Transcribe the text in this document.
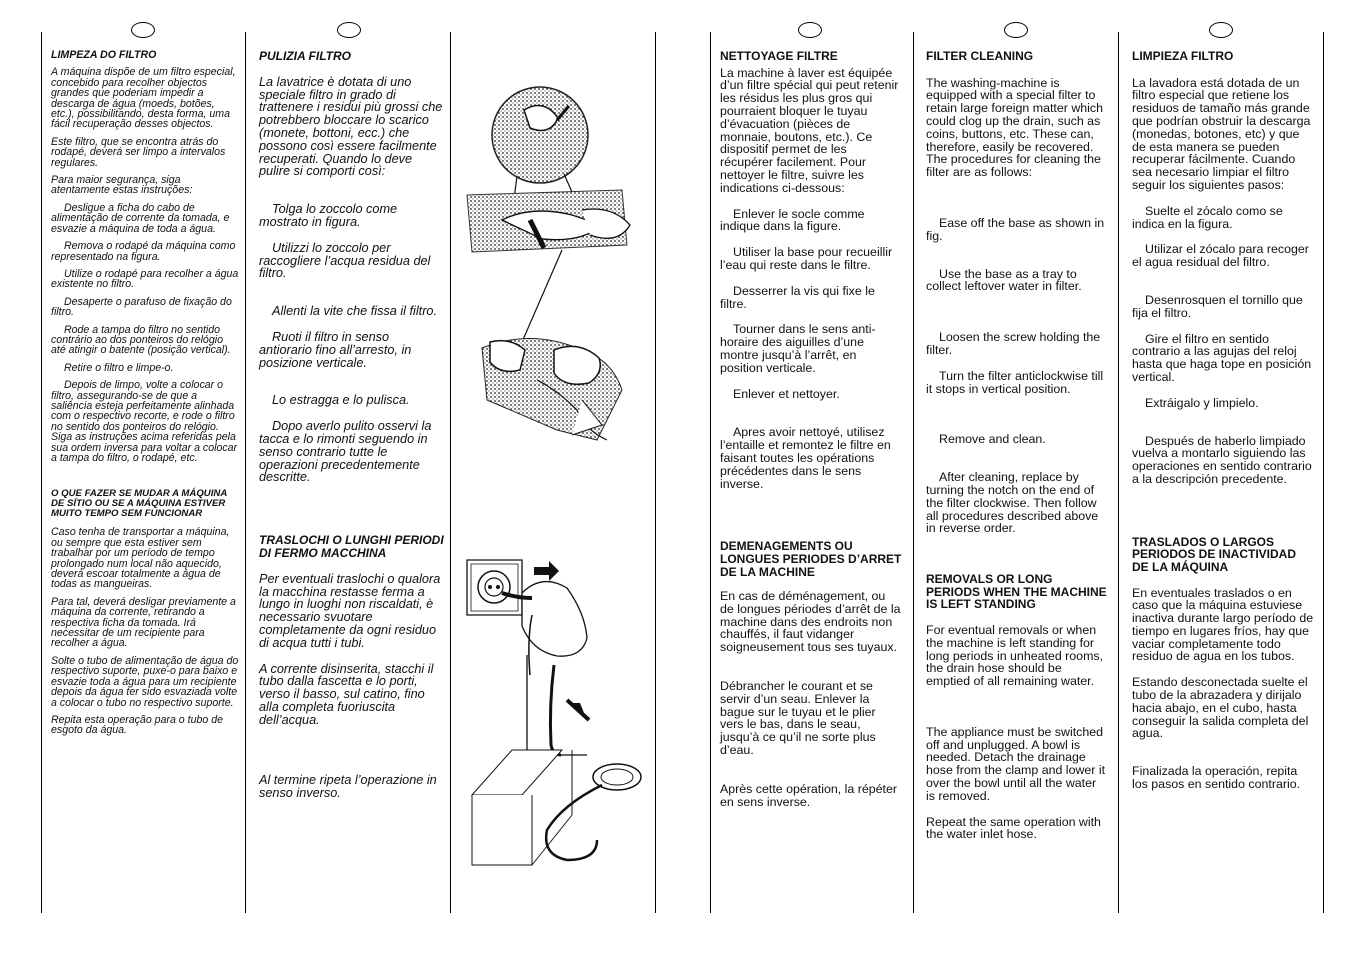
LIMPEZA DO FILTRO

A máquina dispõe de um filtro especial, concebido para recolher objectos grandes que poderiam impedir a descarga de água (moeds, botões, etc.), possibilitando, desta forma, uma fácil recuperação desses objectos.

Este filtro, que se encontra atrás do rodapé, deverá ser limpo a intervalos regulares.

Para maior segurança, siga atentamente estas instruções:

Desligue a ficha do cabo de alimentação de corrente da tomada, e esvazie a máquina de toda a água.

Remova o rodapé da máquina como representado na figura.

Utilize o rodapé para recolher a água existente no filtro.

Desaperte o parafuso de fixação do filtro.

Rode a tampa do filtro no sentido contrário ao dos ponteiros do relógio até atingir o batente (posição vertical).

Retire o filtro e limpe-o.

Depois de limpo, volte a colocar o filtro, assegurando-se de que a saliência esteja perfeitamente alinhada com o respectivo recorte, e rode o filtro no sentido dos ponteiros do relógio. Siga as instruções acima referidas pela sua ordem inversa para voltar a colocar a tampa do filtro, o rodapé, etc.

O QUE FAZER SE MUDAR A MÁQUINA DE SÍTIO OU SE A MÁQUINA ESTIVER MUITO TEMPO SEM FUNCIONAR

Caso tenha de transportar a máquina, ou sempre que esta estiver sem trabalhar por um período de tempo prolongado num local não aquecido, deverá escoar totalmente a água de todas as mangueiras.

Para tal, deverá desligar previamente a máquina da corrente, retirando a respectiva ficha da tomada. Irá necessitar de um recipiente para recolher a água.

Solte o tubo de alimentação de água do respectivo suporte, puxe-o para baixo e esvazie toda a água para um recipiente depois da água ter sido esvaziada volte a colocar o tubo no respectivo suporte.

Repita esta operação para o tubo de esgoto da água.

PULIZIA FILTRO

La lavatrice è dotata di uno speciale filtro in grado di trattenere i residui più grossi che potrebbero bloccare lo scarico (monete, bottoni, ecc.) che possono così essere facilmente recuperati. Quando lo deve pulire si comporti così:

Tolga lo zoccolo come mostrato in figura.

Utilizzi lo zoccolo per raccogliere l’acqua residua del filtro.

Allenti la vite che fissa il filtro.

Ruoti il filtro in senso antiorario fino all’arresto, in posizione verticale.

Lo estragga e lo pulisca.

Dopo averlo pulito osservi la tacca e lo rimonti seguendo in senso contrario tutte le operazioni precedentemente descritte.

TRASLOCHI O LUNGHI PERIODI DI FERMO MACCHINA

Per eventuali traslochi o qualora la macchina restasse ferma a lungo in luoghi non riscaldati, è necessario svuotare completamente da ogni residuo di acqua tutti i tubi.

A corrente disinserita, stacchi il tubo dalla fascetta e lo porti, verso il basso, sul catino, fino alla completa fuoriuscita dell’acqua.

Al termine ripeta l’operazione in senso inverso.

NETTOYAGE FILTRE

La machine à laver est équipée d’un filtre spécial qui peut retenir les résidus les plus gros qui pourraient bloquer le tuyau d’évacuation (pièces de monnaie, boutons, etc.). Ce dispositif permet de les récupérer facilement. Pour nettoyer le filtre, suivre les indications ci-dessous:

Enlever le socle comme indique dans la figure.

Utiliser la base pour recueillir l’eau qui reste dans le filtre.

Desserrer la vis qui fixe le filtre.

Tourner dans le sens anti-horaire des aiguilles d’une montre jusqu’à l’arrêt, en position verticale.

Enlever et nettoyer.

Apres avoir nettoyé, utilisez l’entaille et remontez le filtre en faisant toutes les opérations précédentes dans le sens inverse.

DEMENAGEMENTS OU LONGUES PERIODES D’ARRET DE LA MACHINE

En cas de déménagement, ou de longues périodes d’arrêt de la machine dans des endroits non chauffés, il faut vidanger soigneusement tous ses tuyaux.

Débrancher le courant et se servir d’un seau. Enlever la bague sur le tuyau et le plier vers le bas, dans le seau, jusqu’à ce qu’il ne sorte plus d’eau.

Après cette opération, la répéter en sens inverse.

FILTER CLEANING

The washing-machine is equipped with a special filter to retain large foreign matter which could clog up the drain, such as coins, buttons, etc. These can, therefore, easily be recovered. The procedures for cleaning the filter are as follows:

Ease off the base as shown in fig.

Use the base as a tray to collect leftover water in filter.

Loosen the screw holding the filter.

Turn the filter anticlockwise till it stops in vertical position.

Remove and clean.

After cleaning, replace by turning the notch on the end of the filter clockwise. Then follow all procedures described above in reverse order.

REMOVALS OR LONG PERIODS WHEN THE MACHINE IS LEFT STANDING

For eventual removals or when the machine is left standing for long periods in unheated rooms, the drain hose should be emptied of all remaining water.

The appliance must be switched off and unplugged. A bowl is needed. Detach the drainage hose from the clamp and lower it over the bowl until all the water is removed.

Repeat the same operation with the water inlet hose.

LIMPIEZA FILTRO

La lavadora está dotada de un filtro especial que retiene los residuos de tamaño más grande que podrían obstruir la descarga (monedas, botones, etc) y que de esta manera se pueden recuperar fácilmente. Cuando sea necesario limpiar el filtro seguir los siguientes pasos:

Suelte el zócalo como se indica en la figura.

Utilizar el zócalo para recoger el agua residual del filtro.

Desenrosquen el tornillo que fija el filtro.

Gire el filtro en sentido contrario a las agujas del reloj hasta que haga tope en posición vertical.

Extráigalo y limpielo.

Después de haberlo limpiado vuelva a montarlo siguiendo las operaciones en sentido contrario a la descripción precedente.

TRASLADOS O LARGOS PERIODOS DE INACTIVIDAD DE LA MÁQUINA

En eventuales traslados o en caso que la máquina estuviese inactiva durante largo período de tiempo en lugares fríos, hay que vaciar completamente todo residuo de agua en los tubos.

Estando desconectada suelte el tubo de la abrazadera y dirijalo hacia abajo, en el cubo, hasta conseguir la salida completa del agua.

Finalizada la operación, repita los pasos en sentido contrario.
